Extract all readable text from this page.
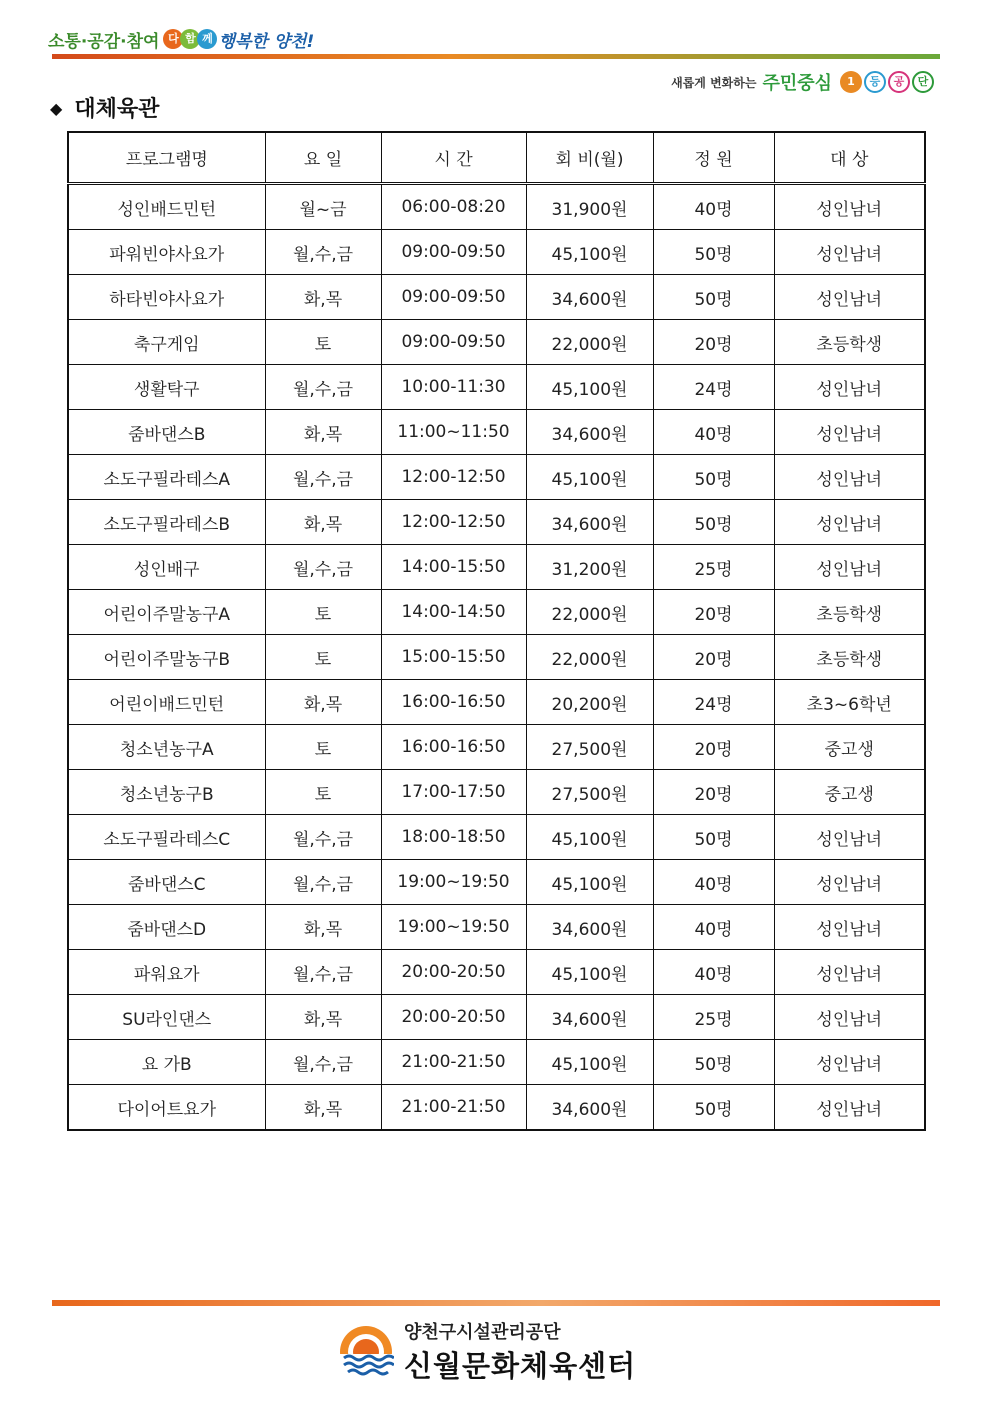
소통·공감·참여 다 함 께 행복한 양천!
새롭게 변화하는 주민중심	1	등	공	단
◆ 대체육관
프로그램명	요 일	시 간	회 비(월)	정 원	대 상
성인배드민턴	월~금	06:00-08:20	31,900원	40명	성인남녀
파워빈야사요가	월,수,금	09:00-09:50	45,100원	50명	성인남녀
하타빈야사요가	화,목	09:00-09:50	34,600원	50명	성인남녀
축구게임	토	09:00-09:50	22,000원	20명	초등학생
생활탁구	월,수,금	10:00-11:30	45,100원	24명	성인남녀
줌바댄스B	화,목	11:00~11:50	34,600원	40명	성인남녀
소도구필라테스A	월,수,금	12:00-12:50	45,100원	50명	성인남녀
소도구필라테스B	화,목	12:00-12:50	34,600원	50명	성인남녀
성인배구	월,수,금	14:00-15:50	31,200원	25명	성인남녀
어린이주말농구A	토	14:00-14:50	22,000원	20명	초등학생
어린이주말농구B	토	15:00-15:50	22,000원	20명	초등학생
어린이배드민턴	화,목	16:00-16:50	20,200원	24명	초3~6학년
청소년농구A	토	16:00-16:50	27,500원	20명	중고생
청소년농구B	토	17:00-17:50	27,500원	20명	중고생
소도구필라테스C	월,수,금	18:00-18:50	45,100원	50명	성인남녀
줌바댄스C	월,수,금	19:00~19:50	45,100원	40명	성인남녀
줌바댄스D	화,목	19:00~19:50	34,600원	40명	성인남녀
파워요가	월,수,금	20:00-20:50	45,100원	40명	성인남녀
SU라인댄스	화,목	20:00-20:50	34,600원	25명	성인남녀
요 가B	월,수,금	21:00-21:50	45,100원	50명	성인남녀
다이어트요가	화,목	21:00-21:50	34,600원	50명	성인남녀
양천구시설관리공단
신월문화체육센터
